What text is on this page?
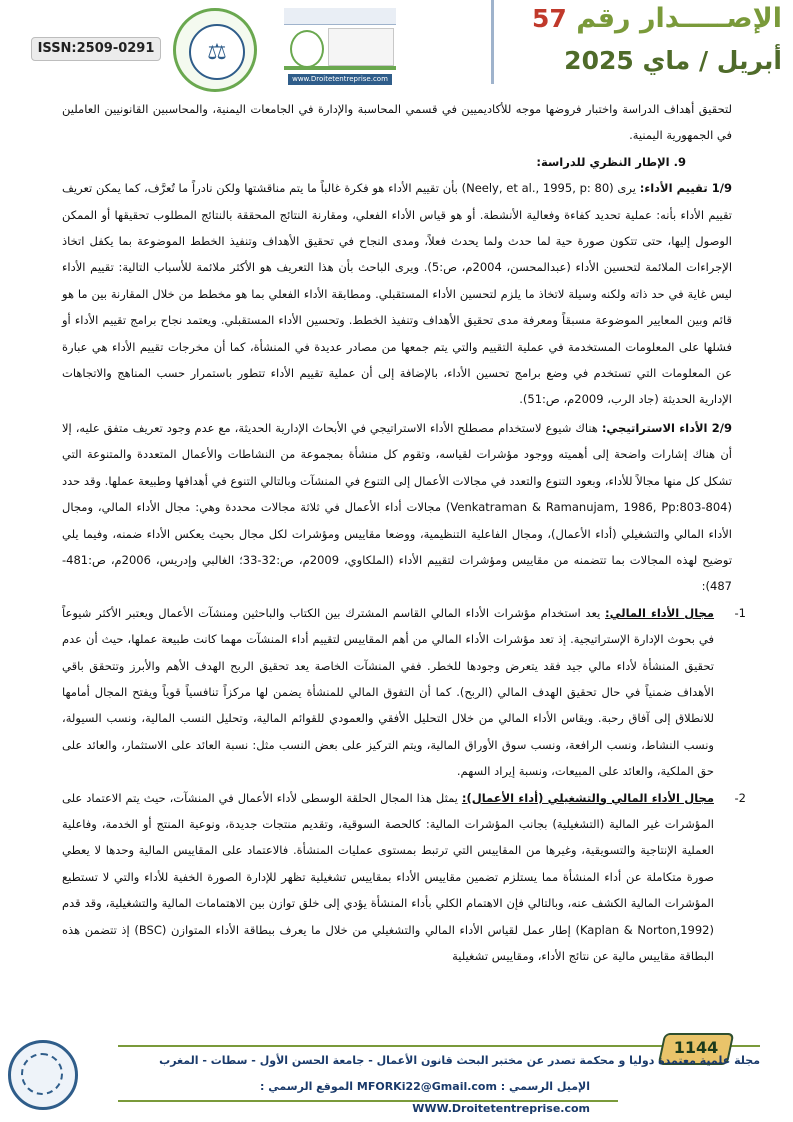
ISSN:2509-0291	⚖
www.Droitetentreprise.com
الإصـــــدار رقم 57
أبريل / ماي 2025

لتحقيق أهداف الدراسة واختبار فروضها موجه للأكاديميين في قسمي المحاسبة والإدارة في الجامعات اليمنية، والمحاسبين القانونيين العاملين في الجمهورية اليمنية.

9. الإطار النظري للدراسة:

1/9 تقييم الأداء: يرى (Neely, et al., 1995, p: 80) بأن تقييم الأداء هو فكرة غالباً ما يتم مناقشتها ولكن نادراً ما تُعرَّف، كما يمكن تعريف تقييم الأداء بأنه: عملية تحديد كفاءة وفعالية الأنشطة. أو هو قياس الأداء الفعلي، ومقارنة النتائج المحققة بالنتائج المطلوب تحقيقها أو الممكن الوصول إليها، حتى تتكون صورة حية لما حدث ولما يحدث فعلاً، ومدى النجاح في تحقيق الأهداف وتنفيذ الخطط الموضوعة بما يكفل اتخاذ الإجراءات الملائمة لتحسين الأداء (عبدالمحسن، 2004م، ص:5). ويرى الباحث بأن هذا التعريف هو الأكثر ملائمة للأسباب التالية: تقييم الأداء ليس غاية في حد ذاته ولكنه وسيلة لاتخاذ ما يلزم لتحسين الأداء المستقبلي. ومطابقة الأداء الفعلي بما هو مخطط من خلال المقارنة بين ما هو قائم وبين المعايير الموضوعة مسبقاً ومعرفة مدى تحقيق الأهداف وتنفيذ الخطط. وتحسين الأداء المستقبلي. ويعتمد نجاح برامج تقييم الأداء أو فشلها على المعلومات المستخدمة في عملية التقييم والتي يتم جمعها من مصادر عديدة في المنشأة، كما أن مخرجات تقييم الأداء هي عبارة عن المعلومات التي تستخدم في وضع برامج تحسين الأداء، بالإضافة إلى أن عملية تقييم الأداء تتطور باستمرار حسب المناهج والاتجاهات الإدارية الحديثة (جاد الرب، 2009م، ص:51).

2/9 الأداء الاستراتيجي: هناك شيوع لاستخدام مصطلح الأداء الاستراتيجي في الأبحاث الإدارية الحديثة، مع عدم وجود تعريف متفق عليه، إلا أن هناك إشارات واضحة إلى أهميته ووجود مؤشرات لقياسه، وتقوم كل منشأة بمجموعة من النشاطات والأعمال المتعددة والمتنوعة التي تشكل كل منها مجالاً للأداء، وبعود التنوع والتعدد في مجالات الأعمال إلى التنوع في المنشآت وبالتالي التنوع في أهدافها وطبيعة عملها. وقد حدد (Venkatraman & Ramanujam, 1986, Pp:803-804) مجالات أداء الأعمال في ثلاثة مجالات محددة وهي: مجال الأداء المالي، ومجال الأداء المالي والتشغيلي (أداء الأعمال)، ومجال الفاعلية التنظيمية، ووضعا مقاييس ومؤشرات لكل مجال بحيث يعكس الأداء ضمنه، وفيما يلي توضيح لهذه المجالات بما تتضمنه من مقاييس ومؤشرات لتقييم الأداء (الملكاوي، 2009م، ص:32-33؛ الغالبي وإدريس، 2006م، ص:481-487):

1-
مجال الأداء المالي: يعد استخدام مؤشرات الأداء المالي القاسم المشترك بين الكتاب والباحثين ومنشآت الأعمال ويعتبر الأكثر شيوعاً في بحوث الإدارة الإستراتيجية. إذ تعد مؤشرات الأداء المالي من أهم المقاييس لتقييم أداء المنشآت مهما كانت طبيعة عملها، حيث أن عدم تحقيق المنشأة لأداء مالي جيد فقد يتعرض وجودها للخطر. ففي المنشآت الخاصة يعد تحقيق الربح الهدف الأهم والأبرز وتتحقق باقي الأهداف ضمنياً في حال تحقيق الهدف المالي (الربح). كما أن التفوق المالي للمنشأة يضمن لها مركزاً تنافسياً قوياً ويفتح المجال أمامها للانطلاق إلى آفاق رحبة. ويقاس الأداء المالي من خلال التحليل الأفقي والعمودي للقوائم المالية، وتحليل النسب المالية، ونسب السيولة، ونسب النشاط، ونسب الرافعة، ونسب سوق الأوراق المالية، ويتم التركيز على بعض النسب مثل: نسبة العائد على الاستثمار، والعائد على حق الملكية، والعائد على المبيعات، ونسبة إيراد السهم.

2-
مجال الأداء المالي والتشغيلي (أداء الأعمال): يمثل هذا المجال الحلقة الوسطى لأداء الأعمال في المنشآت، حيث يتم الاعتماد على المؤشرات غير المالية (التشغيلية) بجانب المؤشرات المالية: كالحصة السوقية، وتقديم منتجات جديدة، ونوعية المنتج أو الخدمة، وفاعلية العملية الإنتاجية والتسويقية، وغيرها من المقاييس التي ترتبط بمستوى عمليات المنشأة. فالاعتماد على المقاييس المالية وحدها لا يعطي صورة متكاملة عن أداء المنشأة مما يستلزم تضمين مقاييس الأداء بمقاييس تشغيلية تظهر للإدارة الصورة الخفية للأداء والتي لا تستطيع المؤشرات المالية الكشف عنه، وبالتالي فإن الاهتمام الكلي بأداء المنشأة يؤدي إلى خلق توازن بين الاهتمامات المالية والتشغيلية، وقد قدم (Kaplan & Norton,1992) إطار عمل لقياس الأداء المالي والتشغيلي من خلال ما يعرف ببطاقة الأداء المتوازن (BSC) إذ تتضمن هذه البطاقة مقاييس مالية عن نتائج الأداء، ومقاييس تشغيلية

1144
مجلة علمية معتمدة دوليا و محكمة تصدر عن مختبر البحث قانون الأعمال - جامعة الحسن الأول - سطات - المغرب
الإميل الرسمي : MFORKi22@Gmail.com الموقع الرسمي : WWW.Droitetentreprise.com
